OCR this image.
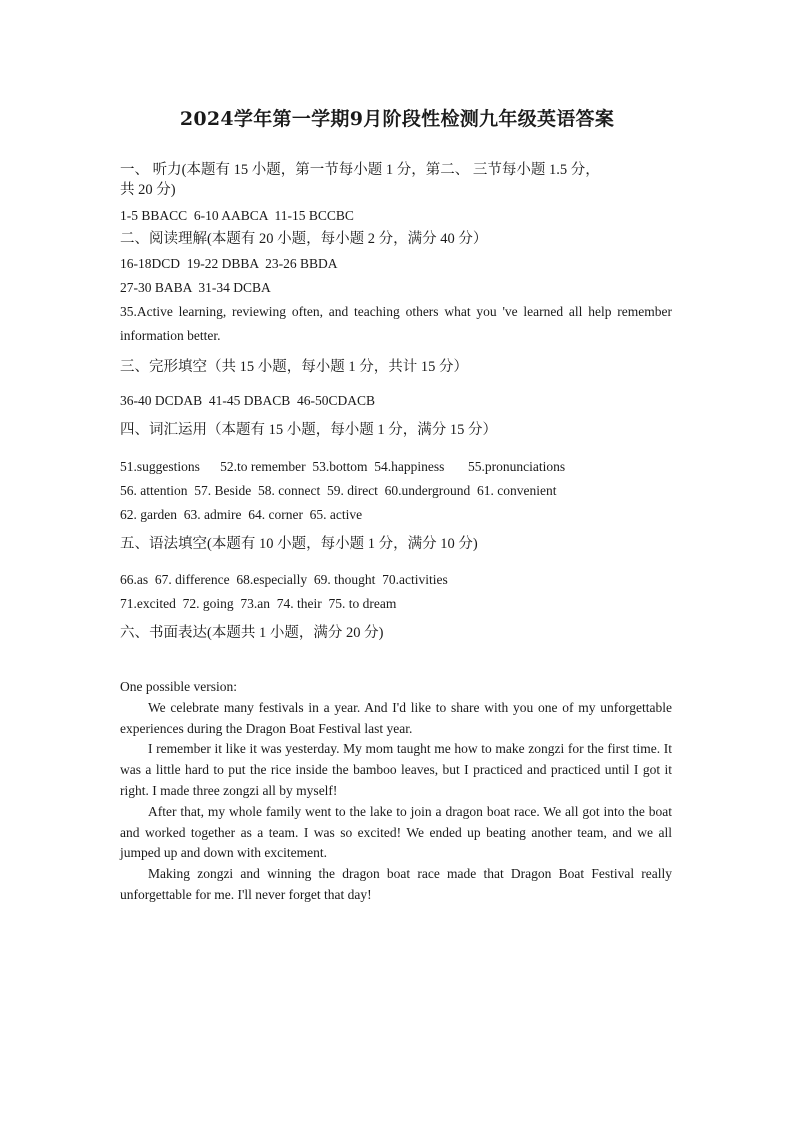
2024学年第一学期9月阶段性检测九年级英语答案
一、 听力(本题有 15 小题，第一节每小题 1 分，第二、 三节每小题 1.5 分，
共 20 分)
1-5 BBACC  6-10 AABCA  11-15 BCCBC
二、阅读理解(本题有 20 小题，每小题 2 分，满分 40 分）
16-18DCD  19-22 DBBA  23-26 BBDA
27-30 BABA  31-34 DCBA
35.Active learning, reviewing often, and teaching others what you 've learned all help remember information better.
三、完形填空（共 15 小题，每小题 1 分，共计 15 分）
36-40 DCDAB  41-45 DBACB  46-50CDACB
四、词汇运用（本题有 15 小题，每小题 1 分，满分 15 分）
51.suggestions      52.to remember  53.bottom  54.happiness       55.pronunciations
56. attention  57. Beside  58. connect  59. direct  60.underground  61. convenient
62. garden  63. admire  64. corner  65. active
五、语法填空(本题有 10 小题，每小题 1 分，满分 10 分)
66.as  67. difference  68.especially  69. thought  70.activities
71.excited  72. going  73.an  74. their  75. to dream
六、书面表达(本题共 1 小题，满分 20 分)

One possible version:

We celebrate many festivals in a year. And I'd like to share with you one of my unforgettable experiences during the Dragon Boat Festival last year.

I remember it like it was yesterday. My mom taught me how to make zongzi for the first time. It was a little hard to put the rice inside the bamboo leaves, but I practiced and practiced until I got it right. I made three zongzi all by myself!

After that, my whole family went to the lake to join a dragon boat race. We all got into the boat and worked together as a team. I was so excited! We ended up beating another team, and we all jumped up and down with excitement.

Making zongzi and winning the dragon boat race made that Dragon Boat Festival really unforgettable for me. I'll never forget that day!
